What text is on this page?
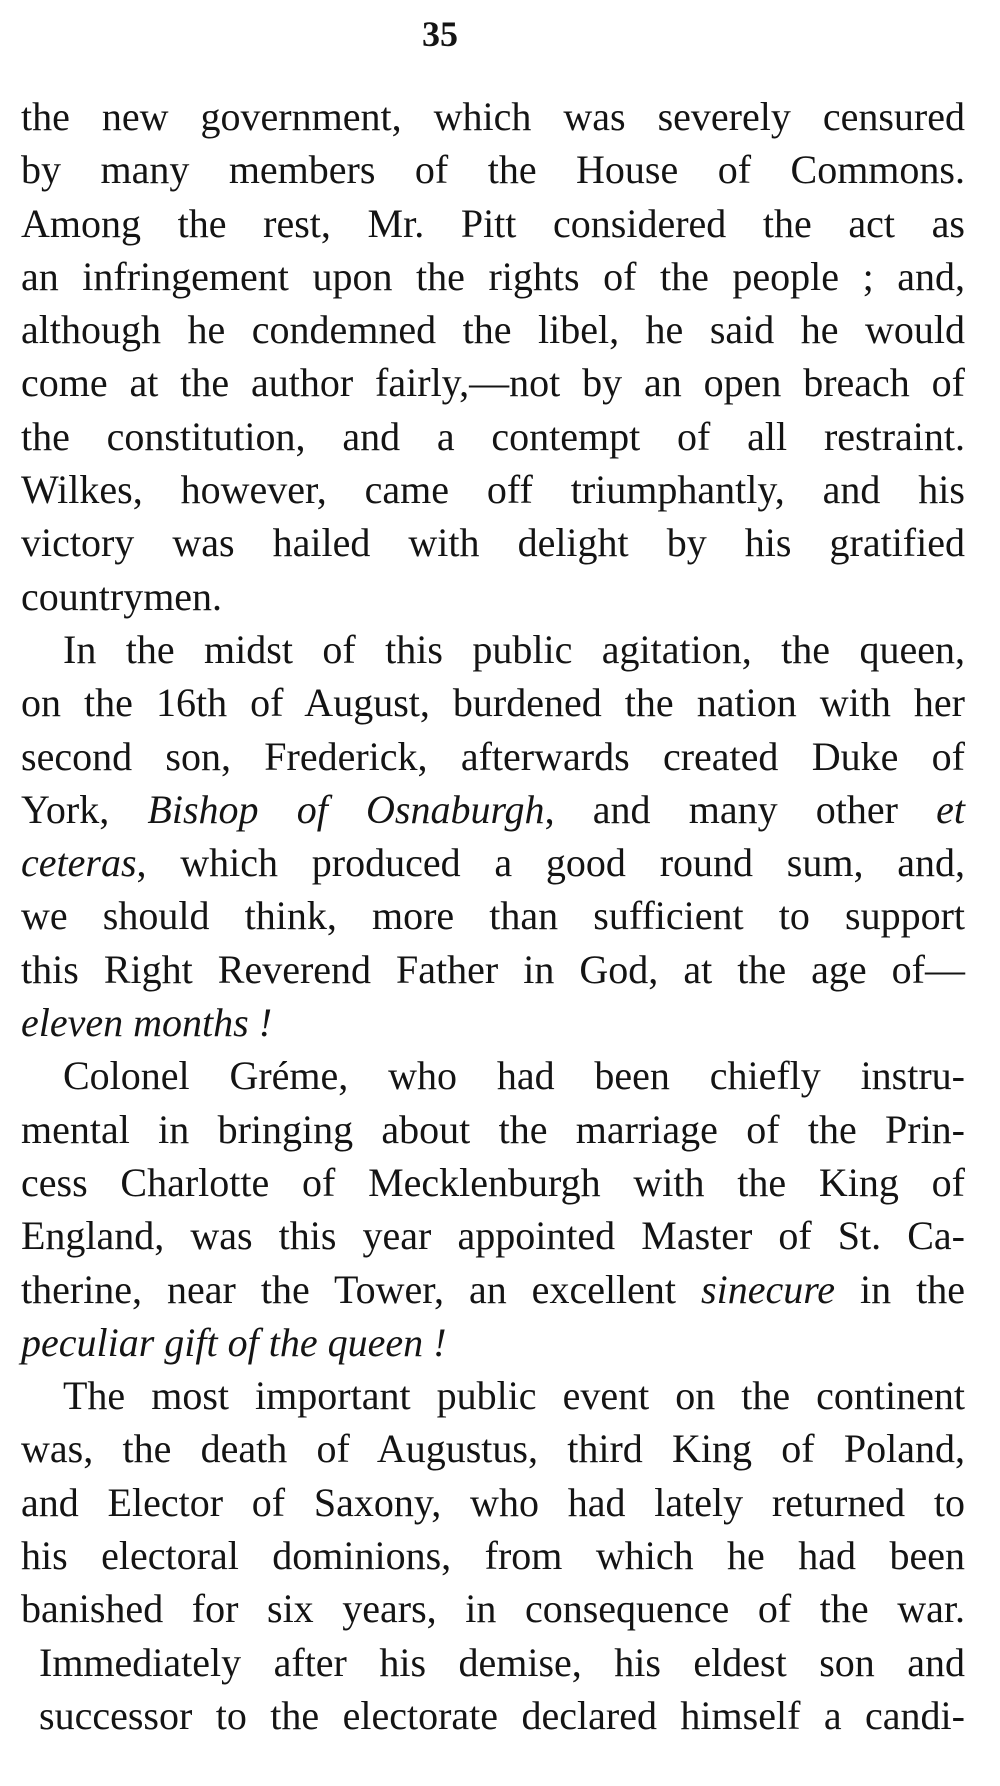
35
the new government, which was severely censured
by many members of the House of Commons.
Among the rest, Mr. Pitt considered the act as
an infringement upon the rights of the people ; and,
although he condemned the libel, he said he would
come at the author fairly,—not by an open breach of
the constitution, and a contempt of all restraint.
Wilkes, however, came off triumphantly, and his
victory was hailed with delight by his gratified
countrymen.
In the midst of this public agitation, the queen,
on the 16th of August, burdened the nation with her
second son, Frederick, afterwards created Duke of
York, Bishop of Osnaburgh, and many other et
ceteras, which produced a good round sum, and,
we should think, more than sufficient to support
this Right Reverend Father in God, at the age of—
eleven months !
Colonel Gréme, who had been chiefly instru-
mental in bringing about the marriage of the Prin-
cess Charlotte of Mecklenburgh with the King of
England, was this year appointed Master of St. Ca-
therine, near the Tower, an excellent sinecure in the
peculiar gift of the queen !
The most important public event on the continent
was, the death of Augustus, third King of Poland,
and Elector of Saxony, who had lately returned to
his electoral dominions, from which he had been
banished for six years, in consequence of the war.
Immediately after his demise, his eldest son and
successor to the electorate declared himself a candi-
